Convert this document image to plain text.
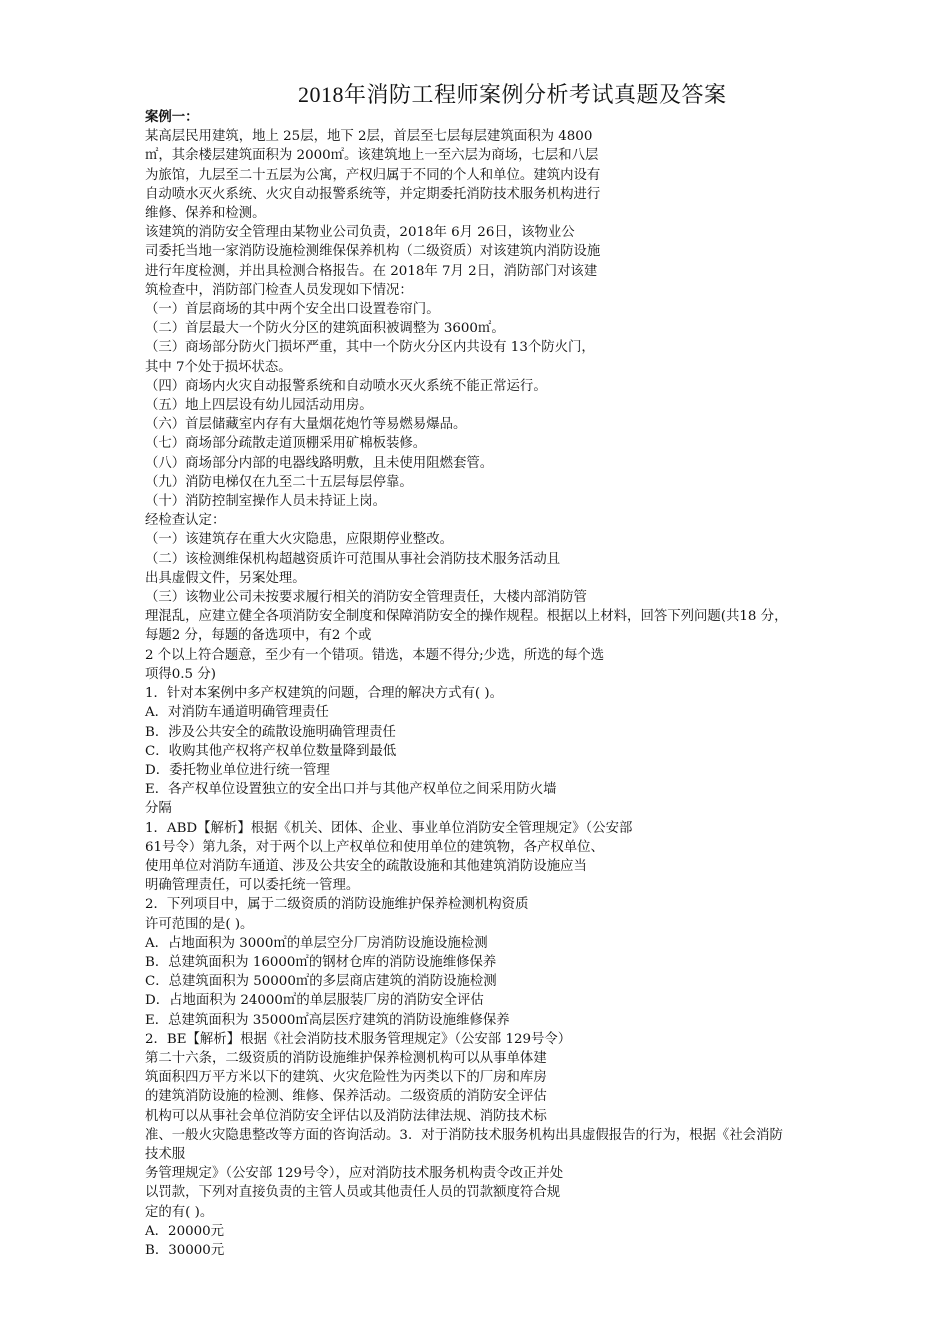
2018年消防工程师案例分析考试真题及答案
案例一：
某高层民用建筑，地上 25层，地下 2层，首层至七层每层建筑面积为 4800
㎡，其余楼层建筑面积为 2000㎡。该建筑地上一至六层为商场，七层和八层
为旅馆，九层至二十五层为公寓，产权归属于不同的个人和单位。建筑内设有
自动喷水灭火系统、火灾自动报警系统等，并定期委托消防技术服务机构进行
维修、保养和检测。
该建筑的消防安全管理由某物业公司负责，2018年 6月 26日，该物业公
司委托当地一家消防设施检测维保保养机构（二级资质）对该建筑内消防设施
进行年度检测，并出具检测合格报告。在 2018年 7月 2日，消防部门对该建
筑检查中，消防部门检查人员发现如下情况：
（一）首层商场的其中两个安全出口设置卷帘门。
（二）首层最大一个防火分区的建筑面积被调整为 3600㎡。
（三）商场部分防火门损坏严重，其中一个防火分区内共设有 13个防火门，
其中 7个处于损坏状态。
（四）商场内火灾自动报警系统和自动喷水灭火系统不能正常运行。
（五）地上四层设有幼儿园活动用房。
（六）首层储藏室内存有大量烟花炮竹等易燃易爆品。
（七）商场部分疏散走道顶棚采用矿棉板装修。
（八）商场部分内部的电器线路明敷，且未使用阻燃套管。
（九）消防电梯仅在九至二十五层每层停靠。
（十）消防控制室操作人员未持证上岗。
经检查认定：
（一）该建筑存在重大火灾隐患，应限期停业整改。
（二）该检测维保机构超越资质许可范围从事社会消防技术服务活动且
出具虚假文件，另案处理。
（三）该物业公司未按要求履行相关的消防安全管理责任，大楼内部消防管
理混乱，应建立健全各项消防安全制度和保障消防安全的操作规程。根据以上材料，回答下列问题(共18 分，
每题2 分，每题的备选项中，有2 个或
2 个以上符合题意，至少有一个错项。错选，本题不得分;少选，所选的每个选
项得0.5 分)
1．针对本案例中多产权建筑的问题，合理的解决方式有( )。
A．对消防车通道明确管理责任
B．涉及公共安全的疏散设施明确管理责任
C．收购其他产权将产权单位数量降到最低
D．委托物业单位进行统一管理
E．各产权单位设置独立的安全出口并与其他产权单位之间采用防火墙
分隔
1．ABD【解析】根据《机关、团体、企业、事业单位消防安全管理规定》（公安部
61号令）第九条，对于两个以上产权单位和使用单位的建筑物，各产权单位、
使用单位对消防车通道、涉及公共安全的疏散设施和其他建筑消防设施应当
明确管理责任，可以委托统一管理。
2．下列项目中，属于二级资质的消防设施维护保养检测机构资质
许可范围的是( )。
A．占地面积为 3000㎡的单层空分厂房消防设施设施检测
B．总建筑面积为 16000㎡的钢材仓库的消防设施维修保养
C．总建筑面积为 50000㎡的多层商店建筑的消防设施检测
D．占地面积为 24000㎡的单层服装厂房的消防安全评估
E．总建筑面积为 35000㎡高层医疗建筑的消防设施维修保养
2．BE【解析】根据《社会消防技术服务管理规定》（公安部 129号令）
第二十六条，二级资质的消防设施维护保养检测机构可以从事单体建
筑面积四万平方米以下的建筑、火灾危险性为丙类以下的厂房和库房
的建筑消防设施的检测、维修、保养活动。二级资质的消防安全评估
机构可以从事社会单位消防安全评估以及消防法律法规、消防技术标
准、一般火灾隐患整改等方面的咨询活动。3．对于消防技术服务机构出具虚假报告的行为，根据《社会消防
技术服
务管理规定》（公安部 129号令），应对消防技术服务机构责令改正并处
以罚款，下列对直接负责的主管人员或其他责任人员的罚款额度符合规
定的有( )。
A．20000元
B．30000元
